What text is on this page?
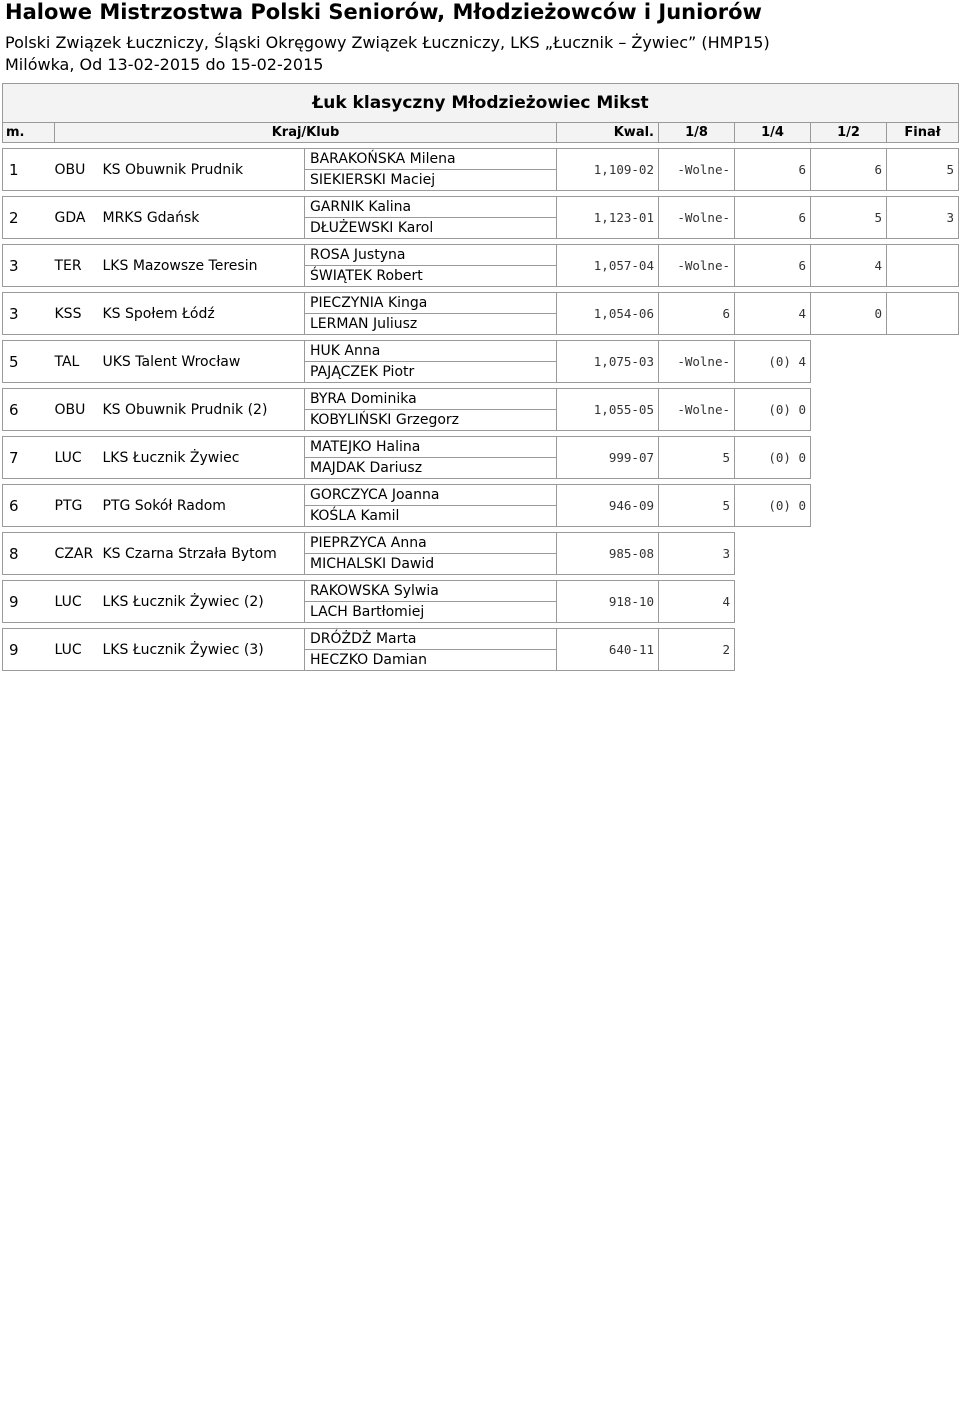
Halowe Mistrzostwa Polski Seniorów, Młodzieżowców i Juniorów
Polski Związek Łuczniczy, Śląski Okręgowy Związek Łuczniczy, LKS „Łucznik – Żywiec” (HMP15)
Milówka, Od 13-02-2015 do 15-02-2015
Łuk klasyczny Młodzieżowiec Mikst								
m.	Kraj/Klub			Kwal.	1/8	1/4	1/2	Finał

1	OBU	KS Obuwnik Prudnik	BARAKOŃSKA Milena	1,109-02	-Wolne-	6	6	5
			SIEKIERSKI Maciej					

2	GDA	MRKS Gdańsk	GARNIK Kalina	1,123-01	-Wolne-	6	5	3
			DŁUŻEWSKI Karol					

3	TER	LKS Mazowsze Teresin	ROSA Justyna	1,057-04	-Wolne-	6	4	
			ŚWIĄTEK Robert					

3	KSS	KS Społem Łódź	PIECZYNIA Kinga	1,054-06	6	4	0	
			LERMAN Juliusz					

5	TAL	UKS Talent Wrocław	HUK Anna	1,075-03	-Wolne-	(0) 4		
			PAJĄCZEK Piotr					

6	OBU	KS Obuwnik Prudnik (2)	BYRA Dominika	1,055-05	-Wolne-	(0) 0		
			KOBYLIŃSKI Grzegorz					

7	LUC	LKS Łucznik Żywiec	MATEJKO Halina	999-07	5	(0) 0		
			MAJDAK Dariusz					

6	PTG	PTG Sokół Radom	GORCZYCA Joanna	946-09	5	(0) 0		
			KOŚLA Kamil					

8	CZAR	KS Czarna Strzała Bytom	PIEPRZYCA Anna	985-08	3			
			MICHALSKI Dawid					

9	LUC	LKS Łucznik Żywiec (2)	RAKOWSKA Sylwia	918-10	4			
			LACH Bartłomiej					

9	LUC	LKS Łucznik Żywiec (3)	DRÓŻDŻ Marta	640-11	2			
			HECZKO Damian					
